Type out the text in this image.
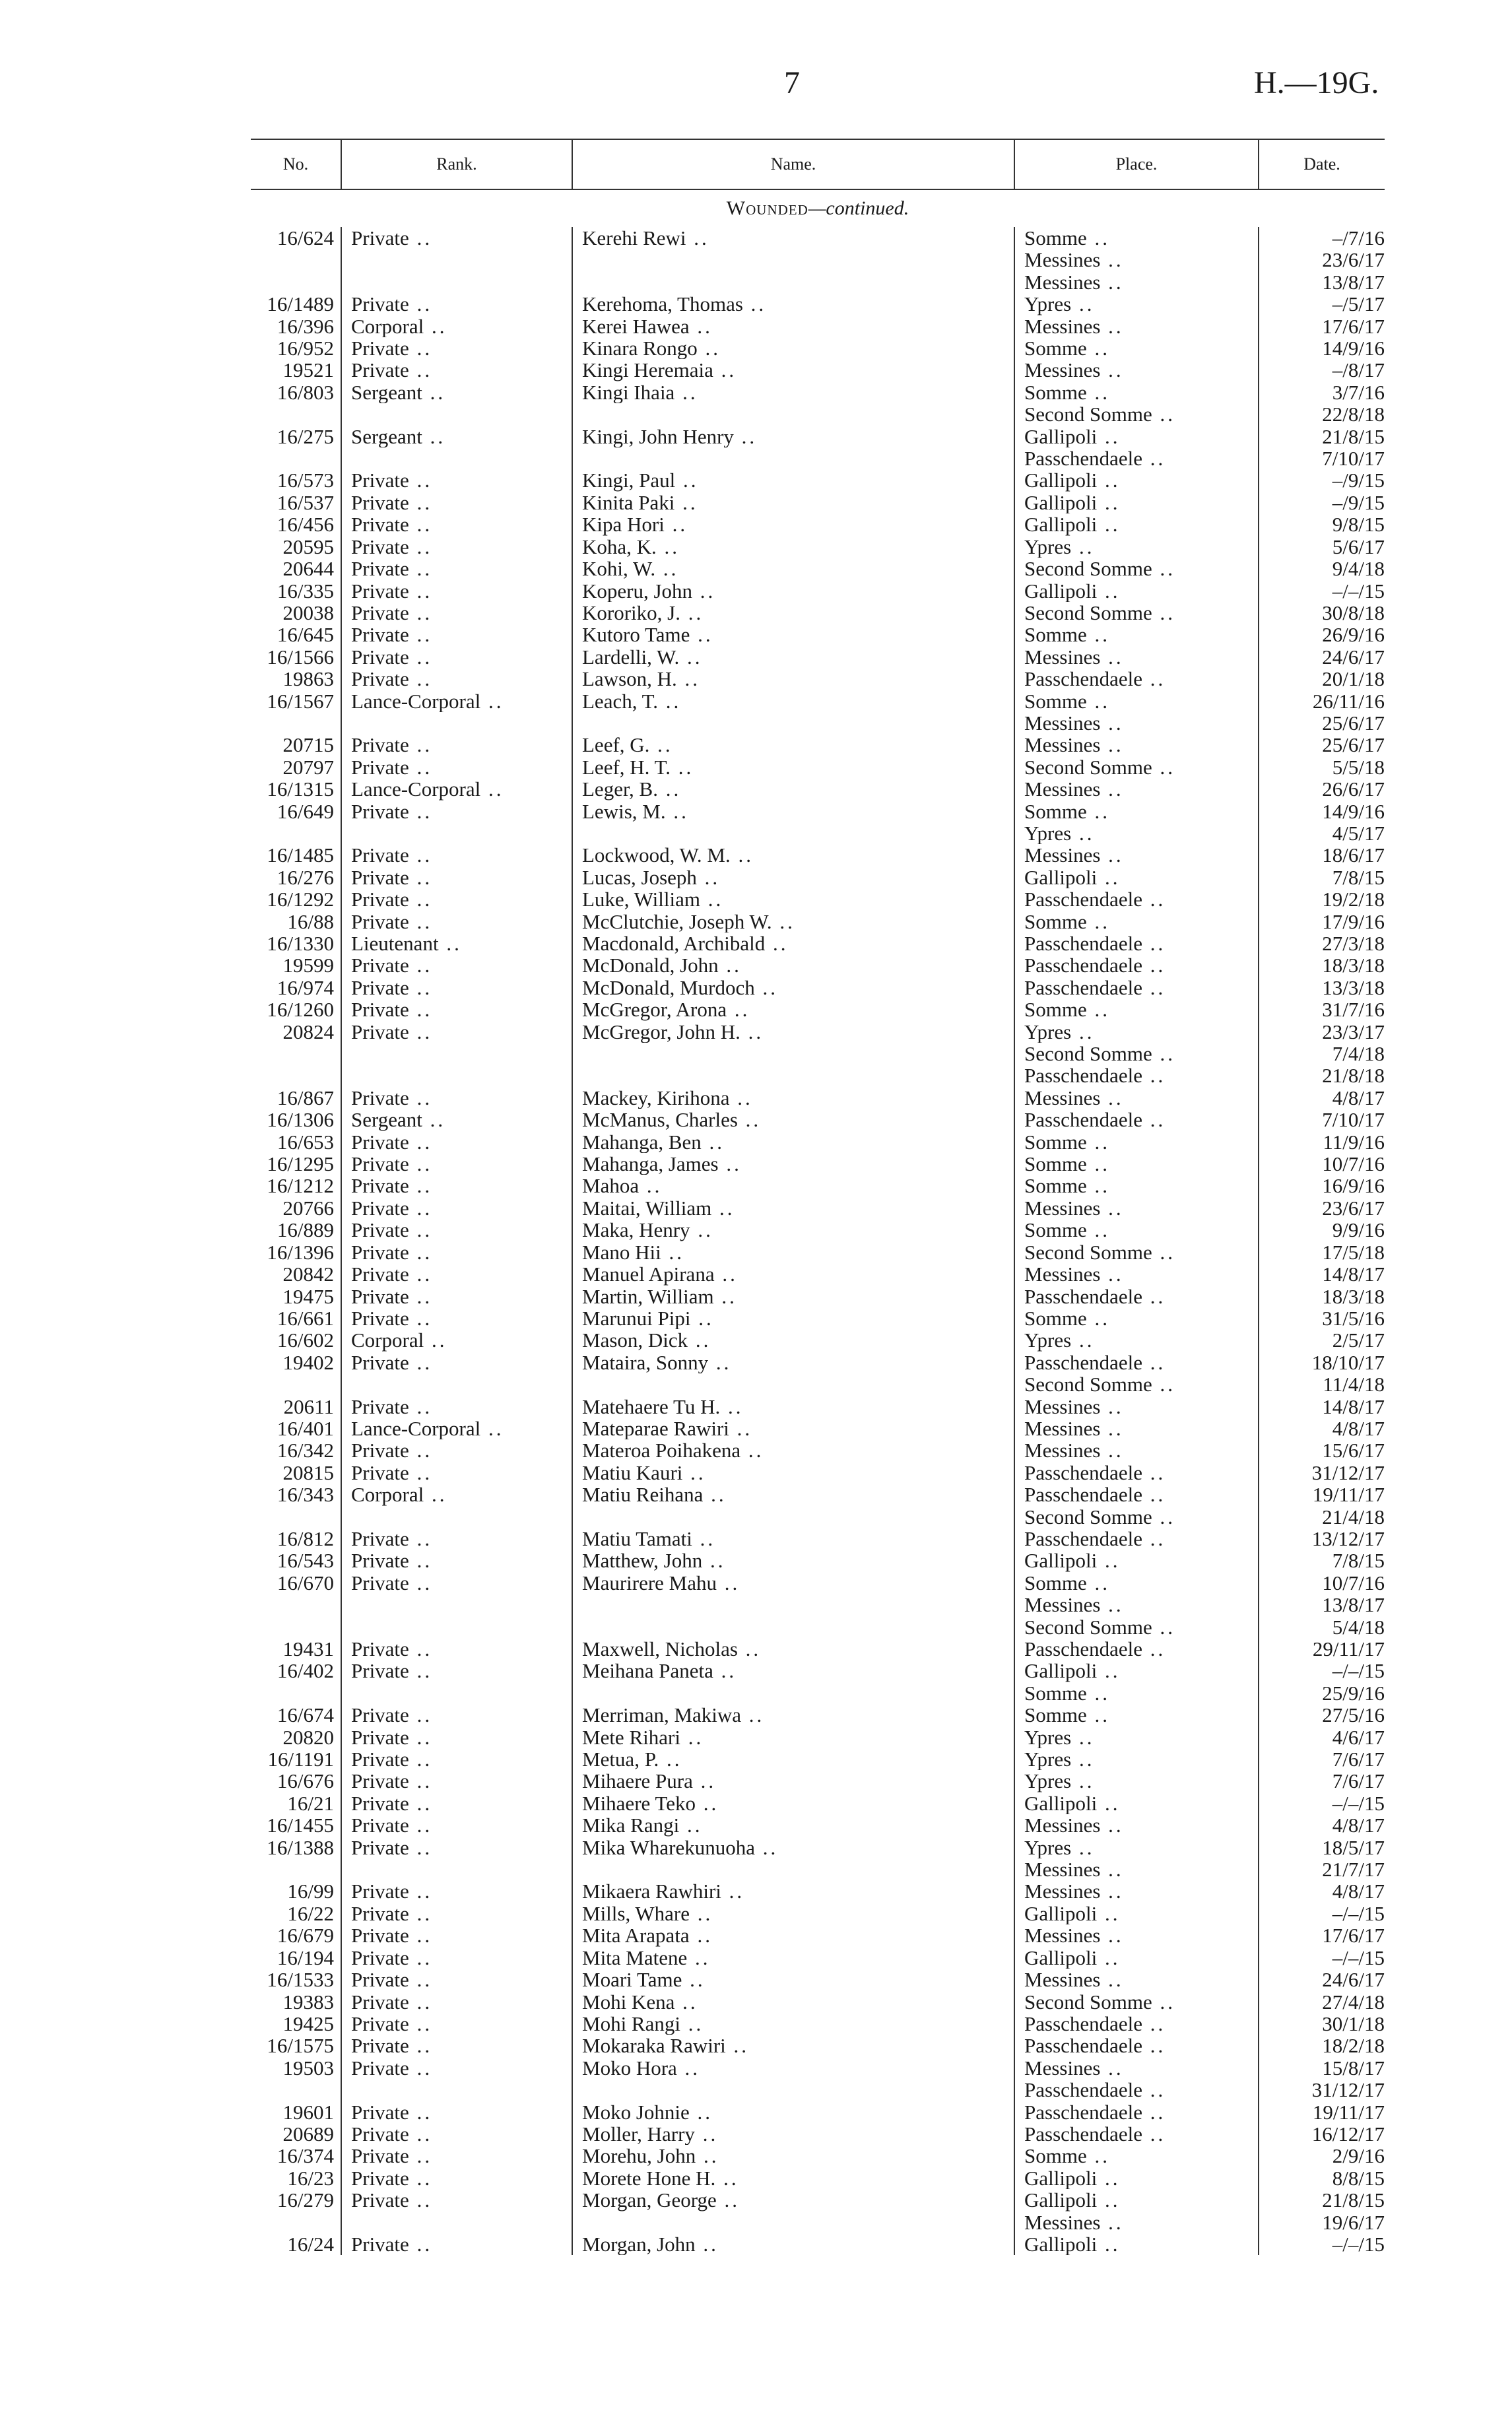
7	H.—19G.
No.	Rank.	Name.	Place.	Date.
Wounded—continued.				
16/624	Private ..	Kerehi Rewi ..	Somme ..	–/7/16
			Messines ..	23/6/17
			Messines ..	13/8/17
16/1489	Private ..	Kerehoma, Thomas ..	Ypres ..	–/5/17
16/396	Corporal ..	Kerei Hawea ..	Messines ..	17/6/17
16/952	Private ..	Kinara Rongo ..	Somme ..	14/9/16
19521	Private ..	Kingi Heremaia ..	Messines ..	–/8/17
16/803	Sergeant ..	Kingi Ihaia ..	Somme ..	3/7/16
			Second Somme ..	22/8/18
16/275	Sergeant ..	Kingi, John Henry ..	Gallipoli ..	21/8/15
			Passchendaele ..	7/10/17
16/573	Private ..	Kingi, Paul ..	Gallipoli ..	–/9/15
16/537	Private ..	Kinita Paki ..	Gallipoli ..	–/9/15
16/456	Private ..	Kipa Hori ..	Gallipoli ..	9/8/15
20595	Private ..	Koha, K. ..	Ypres ..	5/6/17
20644	Private ..	Kohi, W. ..	Second Somme ..	9/4/18
16/335	Private ..	Koperu, John ..	Gallipoli ..	–/–/15
20038	Private ..	Kororiko, J. ..	Second Somme ..	30/8/18
16/645	Private ..	Kutoro Tame ..	Somme ..	26/9/16
16/1566	Private ..	Lardelli, W. ..	Messines ..	24/6/17
19863	Private ..	Lawson, H. ..	Passchendaele ..	20/1/18
16/1567	Lance-Corporal ..	Leach, T. ..	Somme ..	26/11/16
			Messines ..	25/6/17
20715	Private ..	Leef, G. ..	Messines ..	25/6/17
20797	Private ..	Leef, H. T. ..	Second Somme ..	5/5/18
16/1315	Lance-Corporal ..	Leger, B. ..	Messines ..	26/6/17
16/649	Private ..	Lewis, M. ..	Somme ..	14/9/16
			Ypres ..	4/5/17
16/1485	Private ..	Lockwood, W. M. ..	Messines ..	18/6/17
16/276	Private ..	Lucas, Joseph ..	Gallipoli ..	7/8/15
16/1292	Private ..	Luke, William ..	Passchendaele ..	19/2/18
16/88	Private ..	McClutchie, Joseph W. ..	Somme ..	17/9/16
16/1330	Lieutenant ..	Macdonald, Archibald ..	Passchendaele ..	27/3/18
19599	Private ..	McDonald, John ..	Passchendaele ..	18/3/18
16/974	Private ..	McDonald, Murdoch ..	Passchendaele ..	13/3/18
16/1260	Private ..	McGregor, Arona ..	Somme ..	31/7/16
20824	Private ..	McGregor, John H. ..	Ypres ..	23/3/17
			Second Somme ..	7/4/18
			Passchendaele ..	21/8/18
16/867	Private ..	Mackey, Kirihona ..	Messines ..	4/8/17
16/1306	Sergeant ..	McManus, Charles ..	Passchendaele ..	7/10/17
16/653	Private ..	Mahanga, Ben ..	Somme ..	11/9/16
16/1295	Private ..	Mahanga, James ..	Somme ..	10/7/16
16/1212	Private ..	Mahoa ..	Somme ..	16/9/16
20766	Private ..	Maitai, William ..	Messines ..	23/6/17
16/889	Private ..	Maka, Henry ..	Somme ..	9/9/16
16/1396	Private ..	Mano Hii ..	Second Somme ..	17/5/18
20842	Private ..	Manuel Apirana ..	Messines ..	14/8/17
19475	Private ..	Martin, William ..	Passchendaele ..	18/3/18
16/661	Private ..	Marunui Pipi ..	Somme ..	31/5/16
16/602	Corporal ..	Mason, Dick ..	Ypres ..	2/5/17
19402	Private ..	Mataira, Sonny ..	Passchendaele ..	18/10/17
			Second Somme ..	11/4/18
20611	Private ..	Matehaere Tu H. ..	Messines ..	14/8/17
16/401	Lance-Corporal ..	Mateparae Rawiri ..	Messines ..	4/8/17
16/342	Private ..	Materoa Poihakena ..	Messines ..	15/6/17
20815	Private ..	Matiu Kauri ..	Passchendaele ..	31/12/17
16/343	Corporal ..	Matiu Reihana ..	Passchendaele ..	19/11/17
			Second Somme ..	21/4/18
16/812	Private ..	Matiu Tamati ..	Passchendaele ..	13/12/17
16/543	Private ..	Matthew, John ..	Gallipoli ..	7/8/15
16/670	Private ..	Maurirere Mahu ..	Somme ..	10/7/16
			Messines ..	13/8/17
			Second Somme ..	5/4/18
19431	Private ..	Maxwell, Nicholas ..	Passchendaele ..	29/11/17
16/402	Private ..	Meihana Paneta ..	Gallipoli ..	–/–/15
			Somme ..	25/9/16
16/674	Private ..	Merriman, Makiwa ..	Somme ..	27/5/16
20820	Private ..	Mete Rihari ..	Ypres ..	4/6/17
16/1191	Private ..	Metua, P. ..	Ypres ..	7/6/17
16/676	Private ..	Mihaere Pura ..	Ypres ..	7/6/17
16/21	Private ..	Mihaere Teko ..	Gallipoli ..	–/–/15
16/1455	Private ..	Mika Rangi ..	Messines ..	4/8/17
16/1388	Private ..	Mika Wharekunuoha ..	Ypres ..	18/5/17
			Messines ..	21/7/17
16/99	Private ..	Mikaera Rawhiri ..	Messines ..	4/8/17
16/22	Private ..	Mills, Whare ..	Gallipoli ..	–/–/15
16/679	Private ..	Mita Arapata ..	Messines ..	17/6/17
16/194	Private ..	Mita Matene ..	Gallipoli ..	–/–/15
16/1533	Private ..	Moari Tame ..	Messines ..	24/6/17
19383	Private ..	Mohi Kena ..	Second Somme ..	27/4/18
19425	Private ..	Mohi Rangi ..	Passchendaele ..	30/1/18
16/1575	Private ..	Mokaraka Rawiri ..	Passchendaele ..	18/2/18
19503	Private ..	Moko Hora ..	Messines ..	15/8/17
			Passchendaele ..	31/12/17
19601	Private ..	Moko Johnie ..	Passchendaele ..	19/11/17
20689	Private ..	Moller, Harry ..	Passchendaele ..	16/12/17
16/374	Private ..	Morehu, John ..	Somme ..	2/9/16
16/23	Private ..	Morete Hone H. ..	Gallipoli ..	8/8/15
16/279	Private ..	Morgan, George ..	Gallipoli ..	21/8/15
			Messines ..	19/6/17
16/24	Private ..	Morgan, John ..	Gallipoli ..	–/–/15
